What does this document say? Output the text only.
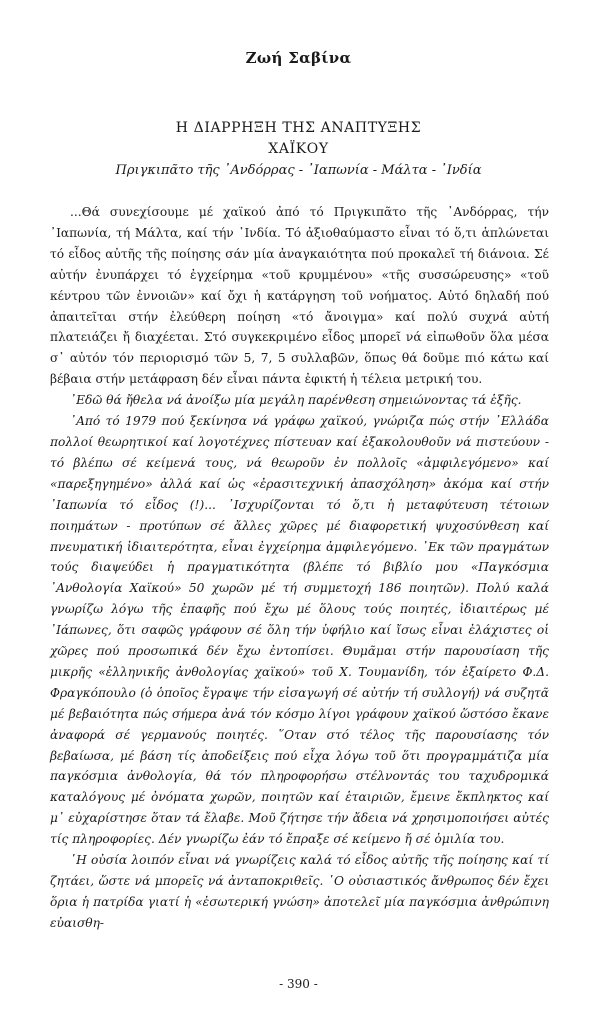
Ζωή Σαβίνα
Η ΔΙΑΡΡΗΞΗ ΤΗΣ ΑΝΑΠΤΥΞΗΣ
ΧΑΪΚΟΥ
Πριγκιπᾶτο τῆς ᾽Ανδόρρας - ᾽Ιαπωνία - Μάλτα - ᾽Ινδία

...Θά συνεχίσουμε μέ χαϊκού ἀπό τό Πριγκιπᾶτο τῆς ᾽Ανδόρρας, τήν ᾽Ιαπωνία, τή Μάλτα, καί τήν ᾽Ινδία. Τό ἀξιοθαύμαστο εἶναι τό ὅ,τι ἁπλώνεται τό εἶδος αὐτῆς τῆς ποίησης σάν μία ἀναγκαιότητα πού προκαλεῖ τή διάνοια. Σέ αὐτήν ἐνυπάρχει τό ἐγχείρημα «τοῦ κρυμμένου» «τῆς συσσώρευσης» «τοῦ κέντρου τῶν ἐννοιῶν» καί ὄχι ἡ κατάργηση τοῦ νοήματος. Αὐτό δηλαδή πού ἀπαιτεῖται στήν ἐλεύθερη ποίηση «τό ἄνοιγμα» καί πολύ συχνά αὐτή πλατειάζει ἤ διαχέεται. Στό συγκεκριμένο εἶδος μπορεῖ νά εἰπωθοῦν ὅλα μέσα σ᾽ αὐτόν τόν περιορισμό τῶν 5, 7, 5 συλλαβῶν, ὅπως θά δοῦμε πιό κάτω καί βέβαια στήν μετάφραση δέν εἶναι πάντα ἐφικτή ἡ τέλεια μετρική του.

᾽Εδῶ θά ἤθελα νά ἀνοίξω μία μεγάλη παρένθεση σημειώνοντας τά ἑξῆς.

᾽Από τό 1979 πού ξεκίνησα νά γράφω χαϊκού, γνώριζα πώς στήν ᾽Ελλάδα πολλοί θεωρητικοί καί λογοτέχνες πίστευαν καί ἐξακολουθοῦν νά πιστεύουν - τό βλέπω σέ κείμενά τους, νά θεωροῦν ἐν πολλοῖς «ἀμφιλεγόμενο» καί «παρεξηγημένο» ἀλλά καί ὡς «ἐρασιτεχνική ἀπασχόληση» ἀκόμα καί στήν ᾽Ιαπωνία τό εἶδος (!)... ᾽Ισχυρίζονται τό ὅ,τι ἡ μεταφύτευση τέτοιων ποιημάτων - προτύπων σέ ἄλλες χῶρες μέ διαφορετική ψυχοσύνθεση καί πνευματική ἰδιαιτερότητα, εἶναι ἐγχείρημα ἀμφιλεγόμενο. ᾽Εκ τῶν πραγμάτων τούς διαψεύδει ἡ πραγματικότητα (βλέπε τό βιβλίο μου «Παγκόσμια ᾽Ανθολογία Χαϊκού» 50 χωρῶν μέ τή συμμετοχή 186 ποιητῶν). Πολύ καλά γνωρίζω λόγω τῆς ἐπαφῆς πού ἔχω μέ ὅλους τούς ποιητές, ἰδιαιτέρως μέ ᾽Ιάπωνες, ὅτι σαφῶς γράφουν σέ ὅλη τήν ὑφήλιο καί ἴσως εἶναι ἐλάχιστες οἱ χῶρες πού προσωπικά δέν ἔχω ἐντοπίσει. Θυμᾶμαι στήν παρουσίαση τῆς μικρῆς «ἑλληνικῆς ἀνθολογίας χαϊκού» τοῦ Χ. Τουμανίδη, τόν ἐξαίρετο Φ.Δ. Φραγκόπουλο (ὁ ὁποῖος ἔγραψε τήν εἰσαγωγή σέ αὐτήν τή συλλογή) νά συζητᾶ μέ βεβαιότητα πώς σήμερα ἀνά τόν κόσμο λίγοι γράφουν χαϊκού ὥστόσο ἔκανε ἀναφορά σέ γερμανούς ποιητές. ῞Οταν στό τέλος τῆς παρουσίασης τόν βεβαίωσα, μέ βάση τίς ἀποδείξεις πού εἶχα λόγω τοῦ ὅτι προγραμμάτιζα μία παγκόσμια ἀνθολογία, θά τόν πληροφορήσω στέλνοντάς του ταχυδρομικά καταλόγους μέ ὀνόματα χωρῶν, ποιητῶν καί ἑταιριῶν, ἔμεινε ἔκπληκτος καί μ᾽ εὐχαρίστησε ὅταν τά ἔλαβε. Μοῦ ζήτησε τήν ἄδεια νά χρησιμοποιήσει αὐτές τίς πληροφορίες. Δέν γνωρίζω ἐάν τό ἔπραξε σέ κείμενο ἤ σέ ὁμιλία του.

῾Η οὐσία λοιπόν εἶναι νά γνωρίζεις καλά τό εἶδος αὐτῆς τῆς ποίησης καί τί ζητάει, ὥστε νά μπορεῖς νά ἀνταποκριθεῖς. ῾Ο οὐσιαστικός ἄνθρωπος δέν ἔχει ὅρια ἡ πατρίδα γιατί ἡ «ἐσωτερική γνώση» ἀποτελεῖ μία παγκόσμια ἀνθρώπινη εὐαισθη-

- 390 -
